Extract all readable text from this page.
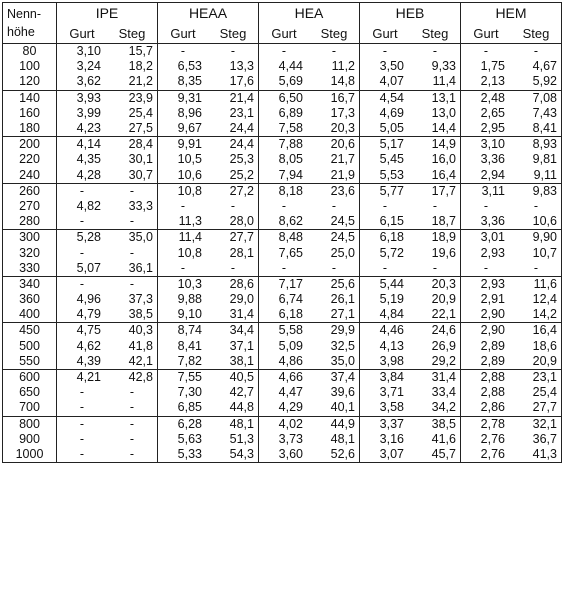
Nenn-
höhe	IPE		HEAA		HEA		HEB		HEM	
	Gurt	Steg	Gurt	Steg	Gurt	Steg	Gurt	Steg	Gurt	Steg
80	3,10	15,7	-	-	-	-	-	-	-	-
100	3,24	18,2	6,53	13,3	4,44	11,2	3,50	9,33	1,75	4,67
120	3,62	21,2	8,35	17,6	5,69	14,8	4,07	11,4	2,13	5,92
140	3,93	23,9	9,31	21,4	6,50	16,7	4,54	13,1	2,48	7,08
160	3,99	25,4	8,96	23,1	6,89	17,3	4,69	13,0	2,65	7,43
180	4,23	27,5	9,67	24,4	7,58	20,3	5,05	14,4	2,95	8,41
200	4,14	28,4	9,91	24,4	7,88	20,6	5,17	14,9	3,10	8,93
220	4,35	30,1	10,5	25,3	8,05	21,7	5,45	16,0	3,36	9,81
240	4,28	30,7	10,6	25,2	7,94	21,9	5,53	16,4	2,94	9,11
260	-	-	10,8	27,2	8,18	23,6	5,77	17,7	3,11	9,83
270	4,82	33,3	-	-	-	-	-	-	-	-
280	-	-	11,3	28,0	8,62	24,5	6,15	18,7	3,36	10,6
300	5,28	35,0	11,4	27,7	8,48	24,5	6,18	18,9	3,01	9,90
320	-	-	10,8	28,1	7,65	25,0	5,72	19,6	2,93	10,7
330	5,07	36,1	-	-	-	-	-	-	-	-
340	-	-	10,3	28,6	7,17	25,6	5,44	20,3	2,93	11,6
360	4,96	37,3	9,88	29,0	6,74	26,1	5,19	20,9	2,91	12,4
400	4,79	38,5	9,10	31,4	6,18	27,1	4,84	22,1	2,90	14,2
450	4,75	40,3	8,74	34,4	5,58	29,9	4,46	24,6	2,90	16,4
500	4,62	41,8	8,41	37,1	5,09	32,5	4,13	26,9	2,89	18,6
550	4,39	42,1	7,82	38,1	4,86	35,0	3,98	29,2	2,89	20,9
600	4,21	42,8	7,55	40,5	4,66	37,4	3,84	31,4	2,88	23,1
650	-	-	7,30	42,7	4,47	39,6	3,71	33,4	2,88	25,4
700	-	-	6,85	44,8	4,29	40,1	3,58	34,2	2,86	27,7
800	-	-	6,28	48,1	4,02	44,9	3,37	38,5	2,78	32,1
900	-	-	5,63	51,3	3,73	48,1	3,16	41,6	2,76	36,7
1000	-	-	5,33	54,3	3,60	52,6	3,07	45,7	2,76	41,3
